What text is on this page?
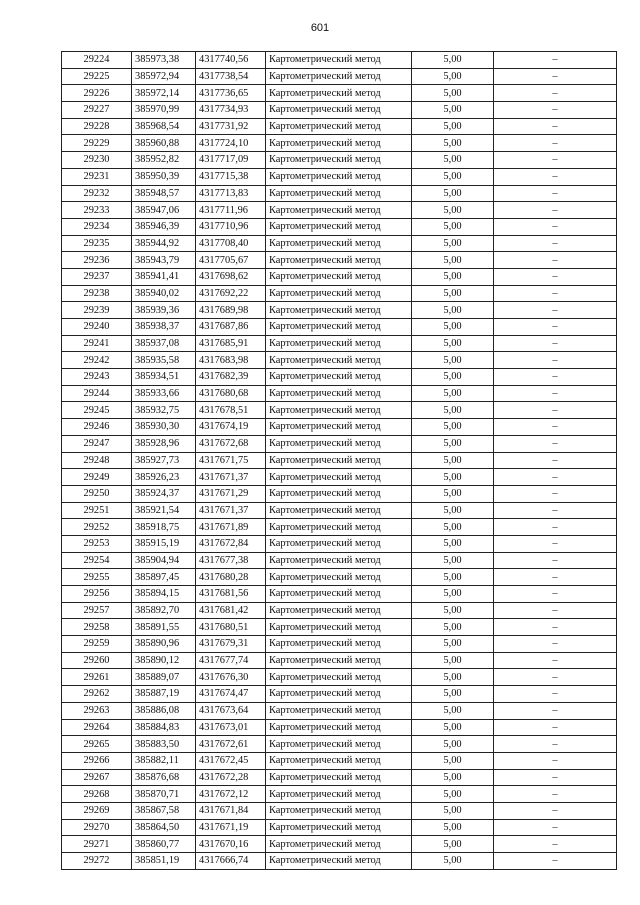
601
29224	385973,38	4317740,56	Картометрический метод	5,00	–
29225	385972,94	4317738,54	Картометрический метод	5,00	–
29226	385972,14	4317736,65	Картометрический метод	5,00	–
29227	385970,99	4317734,93	Картометрический метод	5,00	–
29228	385968,54	4317731,92	Картометрический метод	5,00	–
29229	385960,88	4317724,10	Картометрический метод	5,00	–
29230	385952,82	4317717,09	Картометрический метод	5,00	–
29231	385950,39	4317715,38	Картометрический метод	5,00	–
29232	385948,57	4317713,83	Картометрический метод	5,00	–
29233	385947,06	4317711,96	Картометрический метод	5,00	–
29234	385946,39	4317710,96	Картометрический метод	5,00	–
29235	385944,92	4317708,40	Картометрический метод	5,00	–
29236	385943,79	4317705,67	Картометрический метод	5,00	–
29237	385941,41	4317698,62	Картометрический метод	5,00	–
29238	385940,02	4317692,22	Картометрический метод	5,00	–
29239	385939,36	4317689,98	Картометрический метод	5,00	–
29240	385938,37	4317687,86	Картометрический метод	5,00	–
29241	385937,08	4317685,91	Картометрический метод	5,00	–
29242	385935,58	4317683,98	Картометрический метод	5,00	–
29243	385934,51	4317682,39	Картометрический метод	5,00	–
29244	385933,66	4317680,68	Картометрический метод	5,00	–
29245	385932,75	4317678,51	Картометрический метод	5,00	–
29246	385930,30	4317674,19	Картометрический метод	5,00	–
29247	385928,96	4317672,68	Картометрический метод	5,00	–
29248	385927,73	4317671,75	Картометрический метод	5,00	–
29249	385926,23	4317671,37	Картометрический метод	5,00	–
29250	385924,37	4317671,29	Картометрический метод	5,00	–
29251	385921,54	4317671,37	Картометрический метод	5,00	–
29252	385918,75	4317671,89	Картометрический метод	5,00	–
29253	385915,19	4317672,84	Картометрический метод	5,00	–
29254	385904,94	4317677,38	Картометрический метод	5,00	–
29255	385897,45	4317680,28	Картометрический метод	5,00	–
29256	385894,15	4317681,56	Картометрический метод	5,00	–
29257	385892,70	4317681,42	Картометрический метод	5,00	–
29258	385891,55	4317680,51	Картометрический метод	5,00	–
29259	385890,96	4317679,31	Картометрический метод	5,00	–
29260	385890,12	4317677,74	Картометрический метод	5,00	–
29261	385889,07	4317676,30	Картометрический метод	5,00	–
29262	385887,19	4317674,47	Картометрический метод	5,00	–
29263	385886,08	4317673,64	Картометрический метод	5,00	–
29264	385884,83	4317673,01	Картометрический метод	5,00	–
29265	385883,50	4317672,61	Картометрический метод	5,00	–
29266	385882,11	4317672,45	Картометрический метод	5,00	–
29267	385876,68	4317672,28	Картометрический метод	5,00	–
29268	385870,71	4317672,12	Картометрический метод	5,00	–
29269	385867,58	4317671,84	Картометрический метод	5,00	–
29270	385864,50	4317671,19	Картометрический метод	5,00	–
29271	385860,77	4317670,16	Картометрический метод	5,00	–
29272	385851,19	4317666,74	Картометрический метод	5,00	–
